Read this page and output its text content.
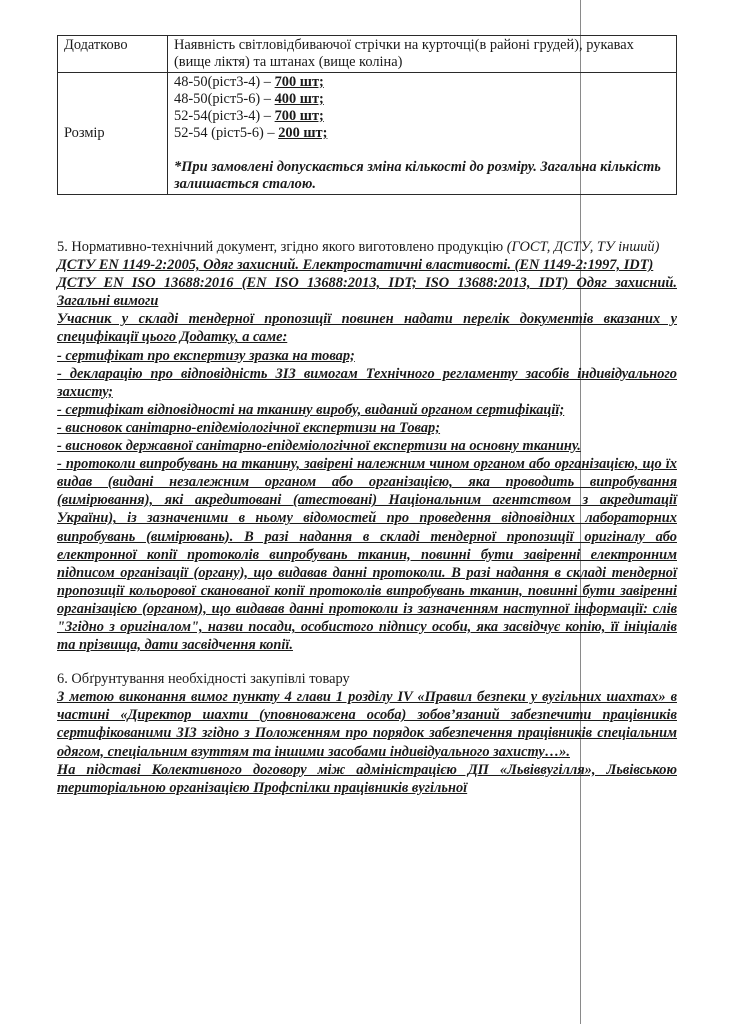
Додатково	Наявність світловідбиваючої стрічки на курточці(в районі грудей), рукавах (вище ліктя) та штанах (вище коліна)
Розмір	48-50(ріст3-4) – 700 шт;
48-50(ріст5-6) – 400 шт;
52-54(ріст3-4) – 700 шт;
52-54 (ріст5-6) – 200 шт;
*При замовлені допускається зміна кількості до розміру. Загальна кількість залишається сталою.

5. Нормативно-технічний документ, згідно якого виготовлено продукцію (ГОСТ, ДСТУ, ТУ інший)

ДСТУ EN 1149-2:2005, Одяг захисний. Електростатичні властивості. (EN 1149-2:1997, IDT)

ДСТУ EN ISO 13688:2016 (EN ISO 13688:2013, IDT; ISO 13688:2013, IDT) Одяг захисний. Загальні вимоги

Учасник у складі тендерної пропозиції повинен надати перелік документів вказаних у специфікації цього Додатку, а саме:

- сертифікат про експертизу зразка на товар;

- декларацію про відповідність ЗІЗ вимогам Технічного регламенту засобів індивідуального захисту;

- сертифікат відповідності на тканину виробу, виданий органом сертифікації;

- висновок санітарно-епідеміологічної експертизи на Товар;

- висновок державної санітарно-епідеміологічної експертизи на основну тканину.

- протоколи випробувань на тканину, завірені належним чином органом або організацією, що їх видав (видані незалежним органом або організацією, яка проводить випробування (вимірювання), які акредитовані (атестовані) Національним агентством з акредитації України), із зазначеними в ньому відомостей про проведення відповідних лабораторних випробувань (вимірювань). В разі надання в складі тендерної пропозиції оригіналу або електронної копії протоколів випробувань тканин, повинні бути завіренні електронним підписом організації (органу), що видавав данні протоколи. В разі надання в складі тендерної пропозиції кольорової сканованої копії протоколів випробувань тканин, повинні бути завіренні організацією (органом), що видавав данні протоколи із зазначенням наступної інформації: слів "Згідно з оригіналом", назви посади, особистого підпису особи, яка засвідчує копію, її ініціалів та прізвища, дати засвідчення копії.

6. Обґрунтування необхідності закупівлі товару

З метою виконання вимог пункту 4 глави 1 розділу IV «Правил безпеки у вугільних шахтах» в частині «Директор шахти (уповноважена особа) зобов’язаний забезпечити працівників сертифікованими ЗІЗ згідно з Положенням про порядок забезпечення працівників спеціальним одягом, спеціальним взуттям та іншими засобами індивідуального захисту…».

На підставі Колективного договору між адміністрацією ДП «Львіввугілля», Львівською територіальною організацією Профспілки працівників вугільної
